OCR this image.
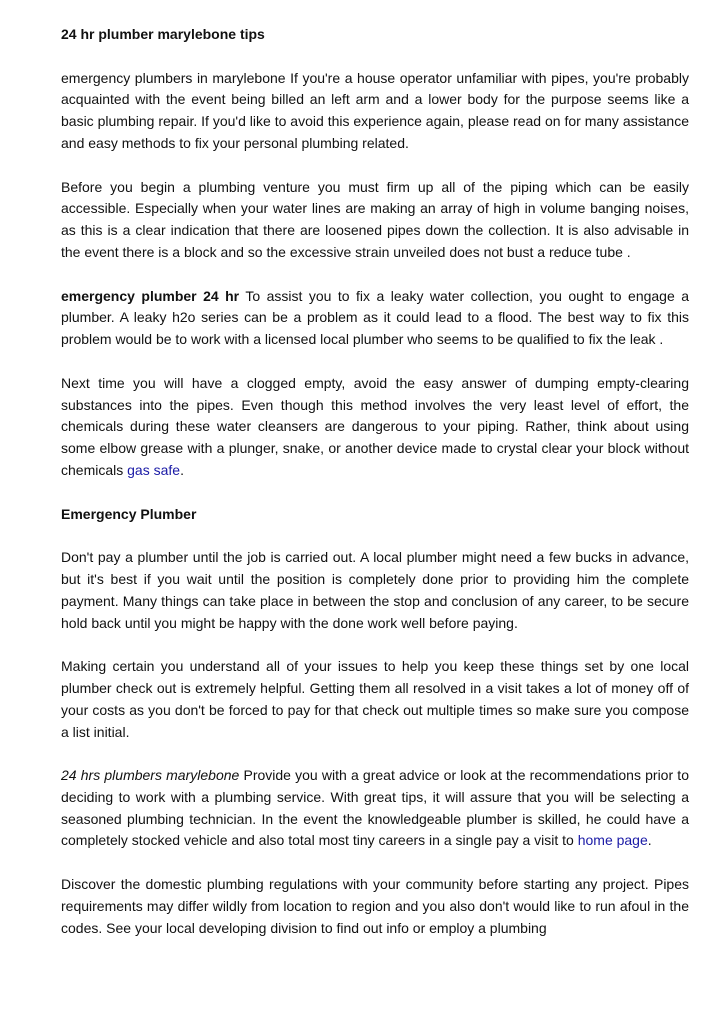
24 hr plumber marylebone tips

emergency plumbers in marylebone If you're a house operator unfamiliar with pipes, you're probably acquainted with the event being billed an left arm and a lower body for the purpose seems like a basic plumbing repair. If you'd like to avoid this experience again, please read on for many assistance and easy methods to fix your personal plumbing related.

Before you begin a plumbing venture you must firm up all of the piping which can be easily accessible. Especially when your water lines are making an array of high in volume banging noises, as this is a clear indication that there are loosened pipes down the collection. It is also advisable in the event there is a block and so the excessive strain unveiled does not bust a reduce tube .

emergency plumber 24 hr To assist you to fix a leaky water collection, you ought to engage a plumber. A leaky h2o series can be a problem as it could lead to a flood. The best way to fix this problem would be to work with a licensed local plumber who seems to be qualified to fix the leak .

Next time you will have a clogged empty, avoid the easy answer of dumping empty-clearing substances into the pipes. Even though this method involves the very least level of effort, the chemicals during these water cleansers are dangerous to your piping. Rather, think about using some elbow grease with a plunger, snake, or another device made to crystal clear your block without chemicals gas safe.

Emergency Plumber

Don't pay a plumber until the job is carried out. A local plumber might need a few bucks in advance, but it's best if you wait until the position is completely done prior to providing him the complete payment. Many things can take place in between the stop and conclusion of any career, to be secure hold back until you might be happy with the done work well before paying.

Making certain you understand all of your issues to help you keep these things set by one local plumber check out is extremely helpful. Getting them all resolved in a visit takes a lot of money off of your costs as you don't be forced to pay for that check out multiple times so make sure you compose a list initial.

24 hrs plumbers marylebone Provide you with a great advice or look at the recommendations prior to deciding to work with a plumbing service. With great tips, it will assure that you will be selecting a seasoned plumbing technician. In the event the knowledgeable plumber is skilled, he could have a completely stocked vehicle and also total most tiny careers in a single pay a visit to home page.

Discover the domestic plumbing regulations with your community before starting any project. Pipes requirements may differ wildly from location to region and you also don't would like to run afoul in the codes. See your local developing division to find out info or employ a plumbing
